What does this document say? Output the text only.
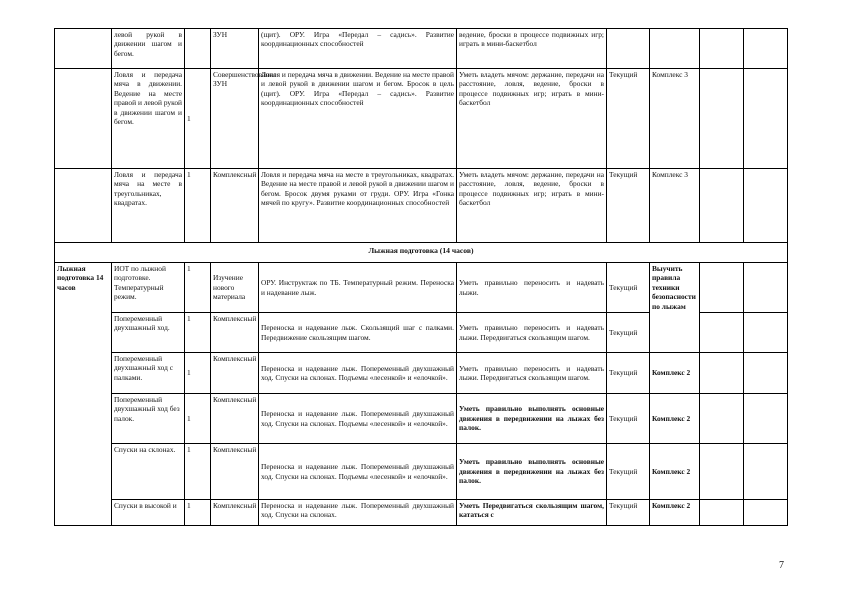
	левой рукой в движении шагом и бегом.		ЗУН	(щит). ОРУ. Игра «Передал – садись». Развитие координационных способностей	ведение, броски в процессе подвижных игр; играть в мини-баскетбол				
	Ловля и передача мяча в движении. Ведение на месте правой и левой рукой в движении шагом и бегом.	1	Совершенствование ЗУН	Ловля и передача мяча в движении. Ведение на месте правой и левой рукой в движении шагом и бегом. Бросок в цель (щит). ОРУ. Игра «Передал – садись». Развитие координационных способностей	Уметь владеть мячом: держание, передачи на расстояние, ловля, ведение, броски в процессе подвижных игр; играть в мини-баскетбол	Текущий	Комплекс 3		
	Ловля и передача мяча на месте в треугольниках, квадратах.	1	Комплексный	Ловля и передача мяча на месте в треугольниках, квадратах. Ведение на месте правой и левой рукой в движении шагом и бегом. Бросок двумя руками от груди. ОРУ. Игра «Гонка мячей по кругу». Развитие координационных способностей	Уметь владеть мячом: держание, передачи на расстояние, ловля, ведение, броски в процессе подвижных игр; играть в мини-баскетбол	Текущий	Комплекс 3		
Лыжная подготовка (14 часов)									
Лыжная подготовка 14 часов	ИОТ по лыжной подготовке. Температурный режим.	1	Изучение нового материала	ОРУ. Инструктаж по ТБ. Температурный режим. Переноска и надевание лыж.	Уметь правильно переносить и надевать лыжи.	Текущий	Выучить правила техники безопасности по лыжам		
	Попеременный двухшажный ход.	1	Комплексный	Переноска и надевание лыж. Скользящий шаг с палками. Передвижение скользящим шагом.	Уметь правильно переносить и надевать лыжи. Передвигаться скользящим шагом.	Текущий			
	Попеременный двухшажный ход с палками.	1	Комплексный	Переноска и надевание лыж. Попеременный двухшажный ход. Спуски на склонах. Подъемы «лесенкой» и «елочкой».	Уметь правильно переносить и надевать лыжи. Передвигаться скользящим шагом.	Текущий	Комплекс 2		
	Попеременный двухшажный ход без палок.	1	Комплексный	Переноска и надевание лыж. Попеременный двухшажный ход. Спуски на склонах. Подъемы «лесенкой» и «елочкой».	Уметь правильно выполнять основные движения в передвижении на лыжах без палок.	Текущий	Комплекс 2		
	Спуски на склонах.	1	Комплексный	Переноска и надевание лыж. Попеременный двухшажный ход. Спуски на склонах. Подъемы «лесенкой» и «елочкой».	Уметь правильно выполнять основные движения в передвижении на лыжах без палок.	Текущий	Комплекс 2		
	Спуски в высокой и	1	Комплексный	Переноска и надевание лыж. Попеременный двухшажный ход. Спуски на склонах.	Уметь Передвигаться скользящим шагом, кататься с	Текущий	Комплекс 2		
7
